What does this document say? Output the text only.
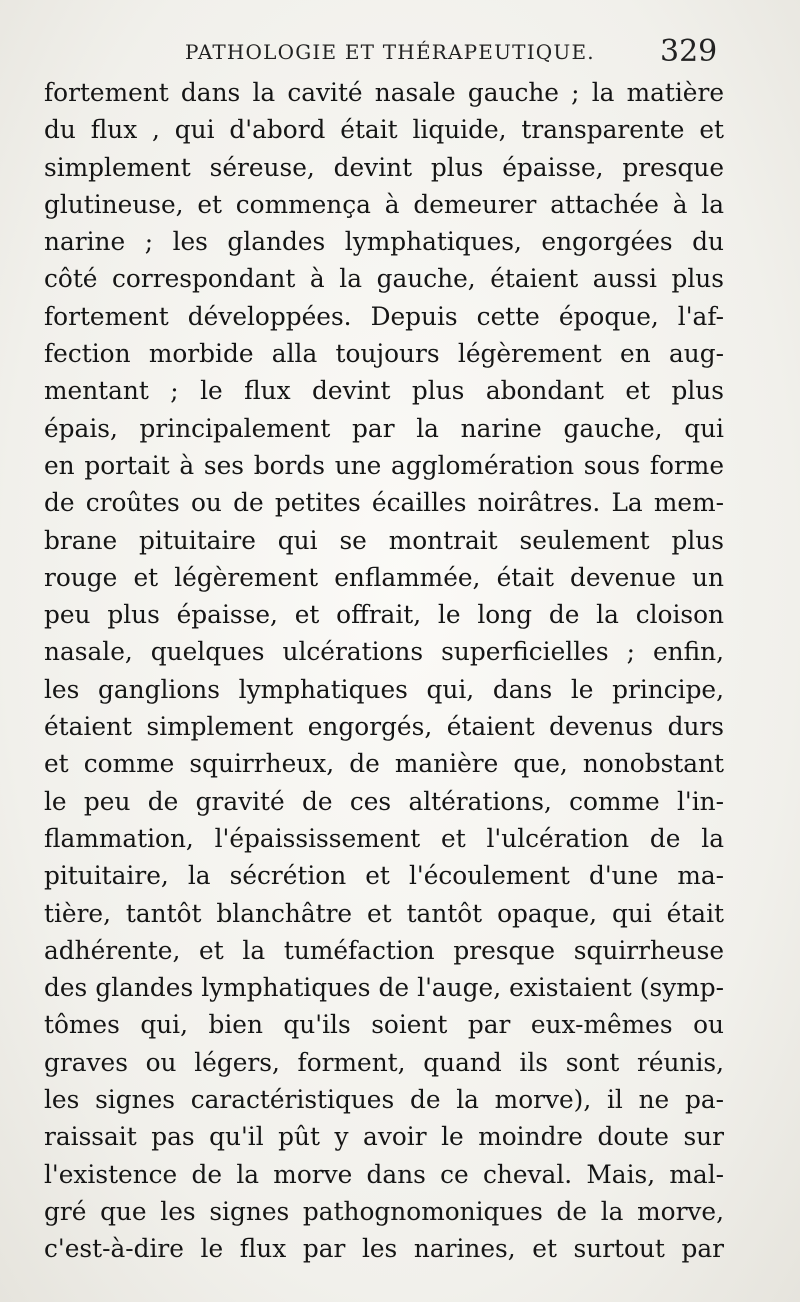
PATHOLOGIE ET THÉRAPEUTIQUE. 329
fortement dans la cavité nasale gauche ; la matière
du flux , qui d'abord était liquide, transparente et
simplement séreuse, devint plus épaisse, presque
glutineuse, et commença à demeurer attachée à la
narine ; les glandes lymphatiques, engorgées du
côté correspondant à la gauche, étaient aussi plus
fortement développées. Depuis cette époque, l'af-
fection morbide alla toujours légèrement en aug-
mentant ; le flux devint plus abondant et plus
épais, principalement par la narine gauche, qui
en portait à ses bords une agglomération sous forme
de croûtes ou de petites écailles noirâtres. La mem-
brane pituitaire qui se montrait seulement plus
rouge et légèrement enflammée, était devenue un
peu plus épaisse, et offrait, le long de la cloison
nasale, quelques ulcérations superficielles ; enfin,
les ganglions lymphatiques qui, dans le principe,
étaient simplement engorgés, étaient devenus durs
et comme squirrheux, de manière que, nonobstant
le peu de gravité de ces altérations, comme l'in-
flammation, l'épaississement et l'ulcération de la
pituitaire, la sécrétion et l'écoulement d'une ma-
tière, tantôt blanchâtre et tantôt opaque, qui était
adhérente, et la tuméfaction presque squirrheuse
des glandes lymphatiques de l'auge, existaient (symp-
tômes qui, bien qu'ils soient par eux-mêmes ou
graves ou légers, forment, quand ils sont réunis,
les signes caractéristiques de la morve), il ne pa-
raissait pas qu'il pût y avoir le moindre doute sur
l'existence de la morve dans ce cheval. Mais, mal-
gré que les signes pathognomoniques de la morve,
c'est-à-dire le flux par les narines, et surtout par
